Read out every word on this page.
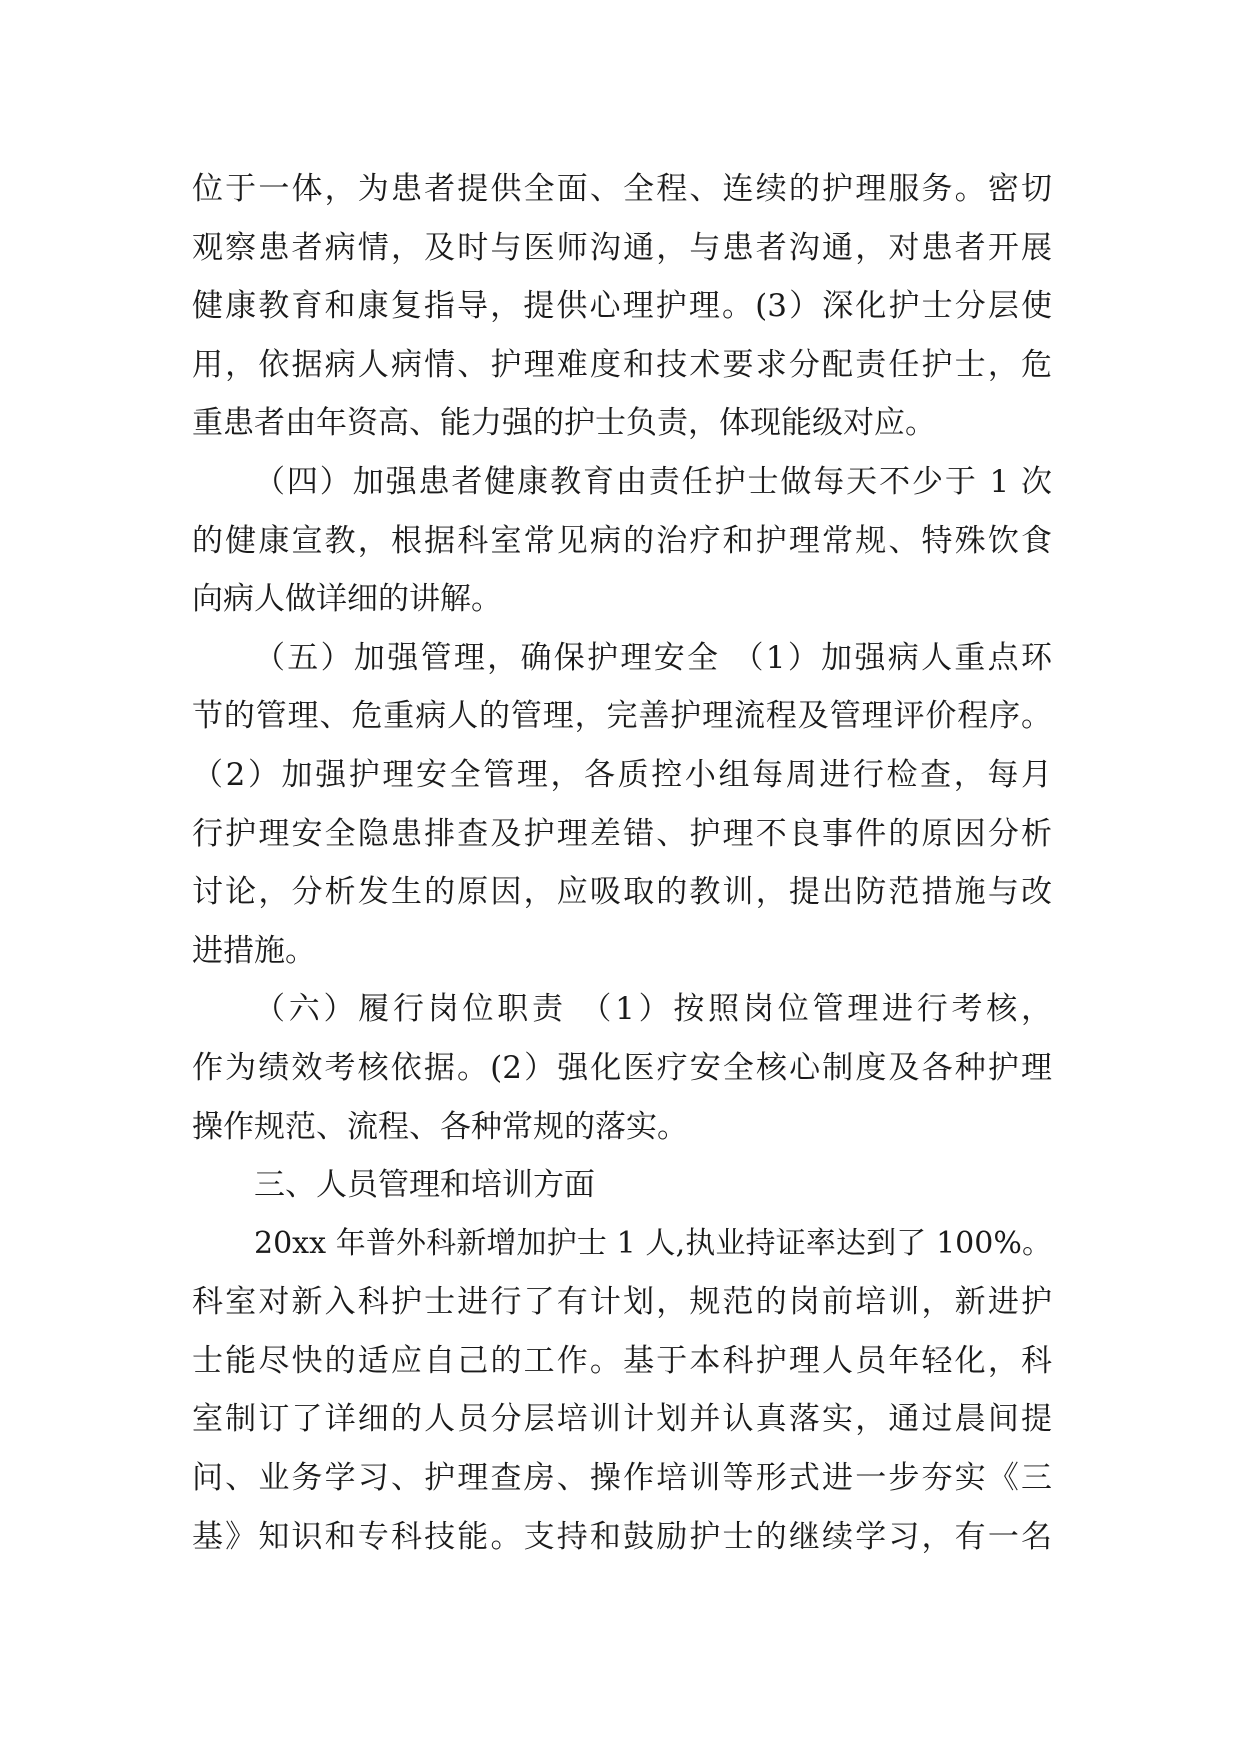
位于一体，为患者提供全面、全程、连续的护理服务。密切
观察患者病情，及时与医师沟通，与患者沟通，对患者开展
健康教育和康复指导，提供心理护理。(3）深化护士分层使
用，依据病人病情、护理难度和技术要求分配责任护士，危
重患者由年资高、能力强的护士负责，体现能级对应。
（四）加强患者健康教育由责任护士做每天不少于 1 次
的健康宣教，根据科室常见病的治疗和护理常规、特殊饮食
向病人做详细的讲解。
（五）加强管理，确保护理安全 （1）加强病人重点环
节的管理、危重病人的管理，完善护理流程及管理评价程序。
（2）加强护理安全管理，各质控小组每周进行检查，每月
行护理安全隐患排查及护理差错、护理不良事件的原因分析
讨论，分析发生的原因，应吸取的教训，提出防范措施与改
进措施。
（六）履行岗位职责 （1）按照岗位管理进行考核，
作为绩效考核依据。(2）强化医疗安全核心制度及各种护理
操作规范、流程、各种常规的落实。
三、人员管理和培训方面
20xx 年普外科新增加护士 1 人,执业持证率达到了 100%。
科室对新入科护士进行了有计划，规范的岗前培训，新进护
士能尽快的适应自己的工作。基于本科护理人员年轻化，科
室制订了详细的人员分层培训计划并认真落实，通过晨间提
问、业务学习、护理查房、操作培训等形式进一步夯实《三
基》知识和专科技能。支持和鼓励护士的继续学习，有一名
